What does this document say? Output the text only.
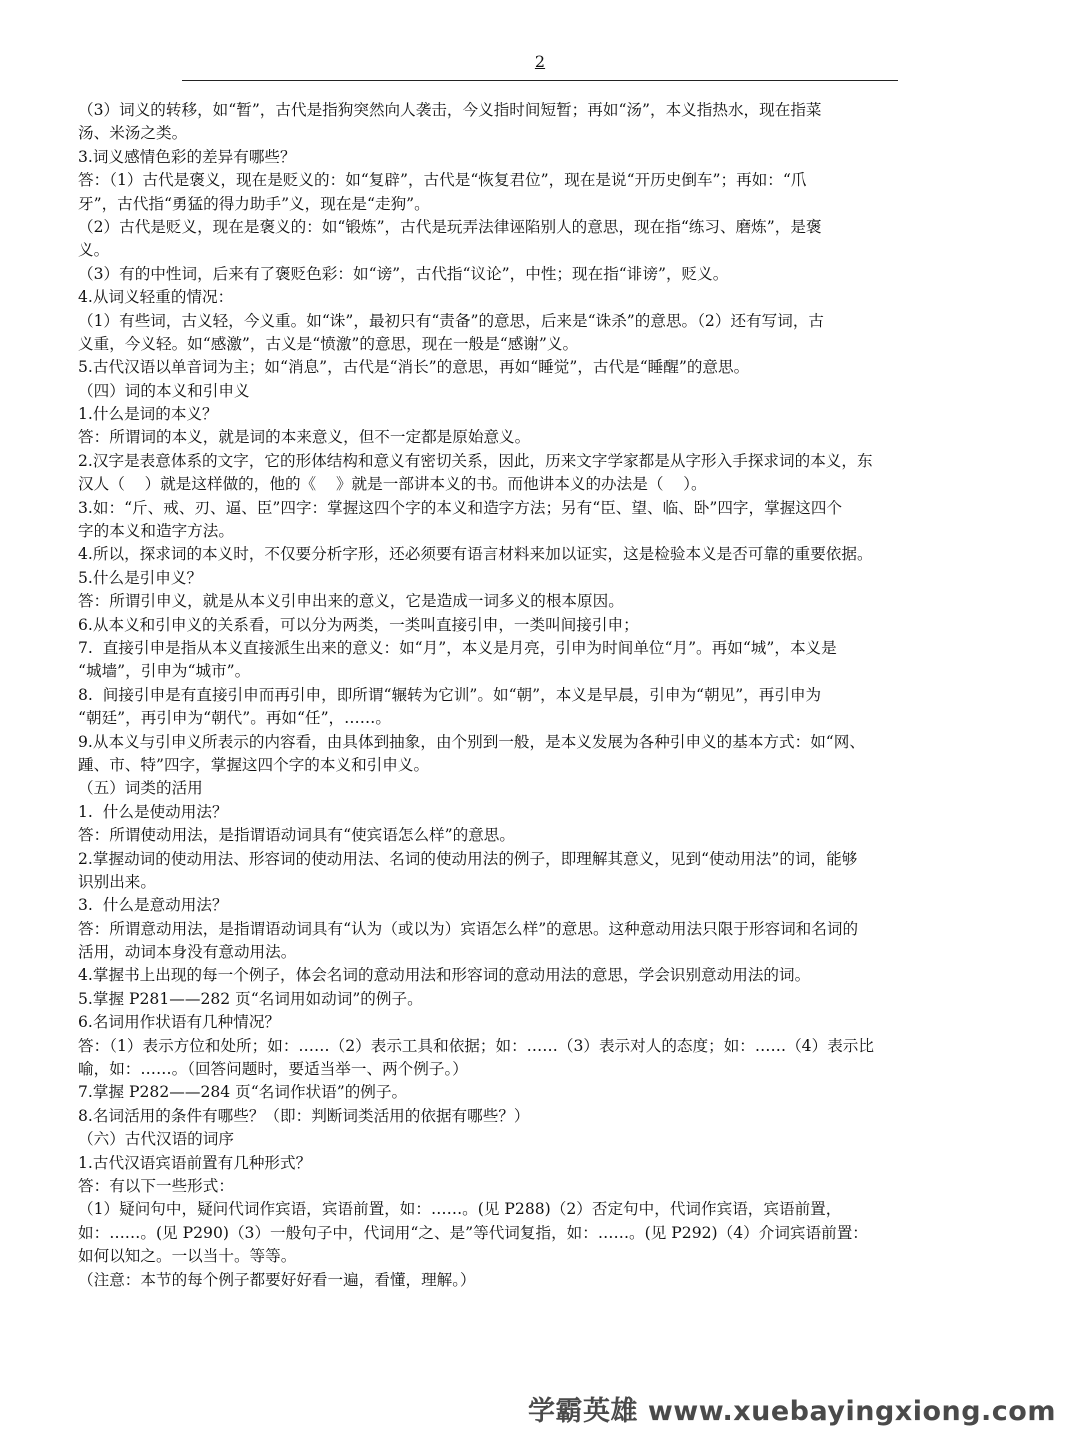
2

（3）词义的转移，如“暂”，古代是指狗突然向人袭击，今义指时间短暂；再如“汤”，本义指热水，现在指菜

汤、米汤之类。

3.词义感情色彩的差异有哪些？

答：（1）古代是褒义，现在是贬义的：如“复辟”，古代是“恢复君位”，现在是说“开历史倒车”；再如：“爪

牙”，古代指“勇猛的得力助手”义，现在是“走狗”。

（2）古代是贬义，现在是褒义的：如“锻炼”，古代是玩弄法律诬陷别人的意思，现在指“练习、磨炼”，是褒

义。

（3）有的中性词，后来有了褒贬色彩：如“谤”，古代指“议论”，中性；现在指“诽谤”，贬义。

4.从词义轻重的情况：

（1）有些词，古义轻，今义重。如“诛”，最初只有“责备”的意思，后来是“诛杀”的意思。（2）还有写词，古

义重，今义轻。如“感激”，古义是“愤激”的意思，现在一般是“感谢”义。

5.古代汉语以单音词为主；如“消息”，古代是“消长”的意思，再如“睡觉”，古代是“睡醒”的意思。

（四）词的本义和引申义

1.什么是词的本义？

答：所谓词的本义，就是词的本来意义，但不一定都是原始意义。

2.汉字是表意体系的文字，它的形体结构和意义有密切关系，因此，历来文字学家都是从字形入手探求词的本义，东

汉人（    ）就是这样做的，他的《    》就是一部讲本义的书。而他讲本义的办法是（    ）。

3.如：“斤、戒、刃、逼、臣”四字：掌握这四个字的本义和造字方法；另有“臣、望、临、卧”四字，掌握这四个

字的本义和造字方法。

4.所以，探求词的本义时，不仅要分析字形，还必须要有语言材料来加以证实，这是检验本义是否可靠的重要依据。

5.什么是引申义？

答：所谓引申义，就是从本义引申出来的意义，它是造成一词多义的根本原因。

6.从本义和引申义的关系看，可以分为两类，一类叫直接引申，一类叫间接引申；

7.  直接引申是指从本义直接派生出来的意义：如“月”，本义是月亮，引申为时间单位“月”。再如“城”，本义是

“城墙”，引申为“城市”。

8.  间接引申是有直接引申而再引申，即所谓“辗转为它训”。如“朝”，本义是早晨，引申为“朝见”，再引申为

“朝廷”，再引申为“朝代”。再如“任”，……。

9.从本义与引申义所表示的内容看，由具体到抽象，由个别到一般，是本义发展为各种引申义的基本方式：如“网、

踵、市、特”四字，掌握这四个字的本义和引申义。

（五）词类的活用

1.  什么是使动用法？

答：所谓使动用法，是指谓语动词具有“使宾语怎么样”的意思。

2.掌握动词的使动用法、形容词的使动用法、名词的使动用法的例子，即理解其意义，见到“使动用法”的词，能够

识别出来。

3.  什么是意动用法？

答：所谓意动用法，是指谓语动词具有“认为（或以为）宾语怎么样”的意思。这种意动用法只限于形容词和名词的

活用，动词本身没有意动用法。

4.掌握书上出现的每一个例子，体会名词的意动用法和形容词的意动用法的意思，学会识别意动用法的词。

5.掌握 P281——282 页“名词用如动词”的例子。

6.名词用作状语有几种情况？

答：（1）表示方位和处所；如：……（2）表示工具和依据；如：……（3）表示对人的态度；如：……（4）表示比

喻，如：……。（回答问题时，要适当举一、两个例子。）

7.掌握 P282——284 页“名词作状语”的例子。

8.名词活用的条件有哪些？（即：判断词类活用的依据有哪些？）

（六）古代汉语的词序

1.古代汉语宾语前置有几种形式？

答：有以下一些形式：

（1）疑问句中，疑问代词作宾语，宾语前置，如：……。(见 P288)（2）否定句中，代词作宾语，宾语前置，

如：……。(见 P290)（3）一般句子中，代词用“之、是”等代词复指，如：……。(见 P292)（4）介词宾语前置：

如何以知之。一以当十。等等。

（注意：本节的每个例子都要好好看一遍，看懂，理解。）

学霸英雄 www.xuebayingxiong.com
